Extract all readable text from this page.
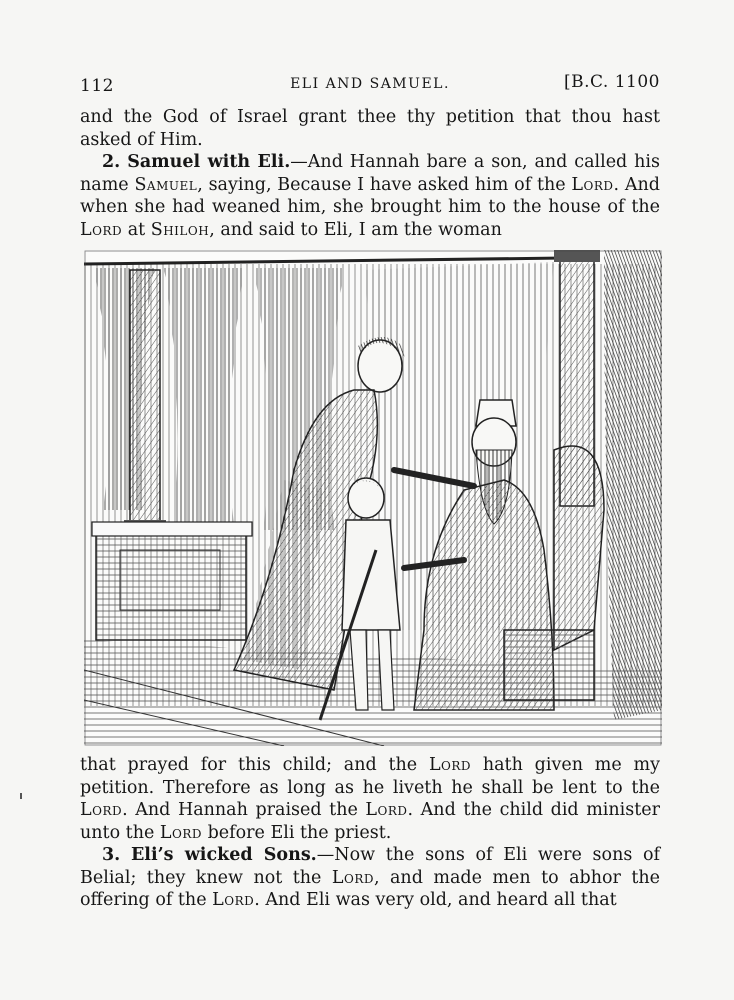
112	ELI AND SAMUEL.	[B.C. 1100

and the God of Israel grant thee thy petition that thou hast asked of Him.

2. Samuel with Eli.—And Hannah bare a son, and called his name Samuel, saying, Because I have asked him of the Lord. And when she had weaned him, she brought him to the house of the Lord at Shiloh, and said to Eli, I am the woman

that prayed for this child; and the Lord hath given me my petition. Therefore as long as he liveth he shall be lent to the Lord. And Hannah praised the Lord. And the child did minister unto the Lord before Eli the priest.

3. Eli’s wicked Sons.—Now the sons of Eli were sons of Belial; they knew not the Lord, and made men to abhor the offering of the Lord. And Eli was very old, and heard all that
